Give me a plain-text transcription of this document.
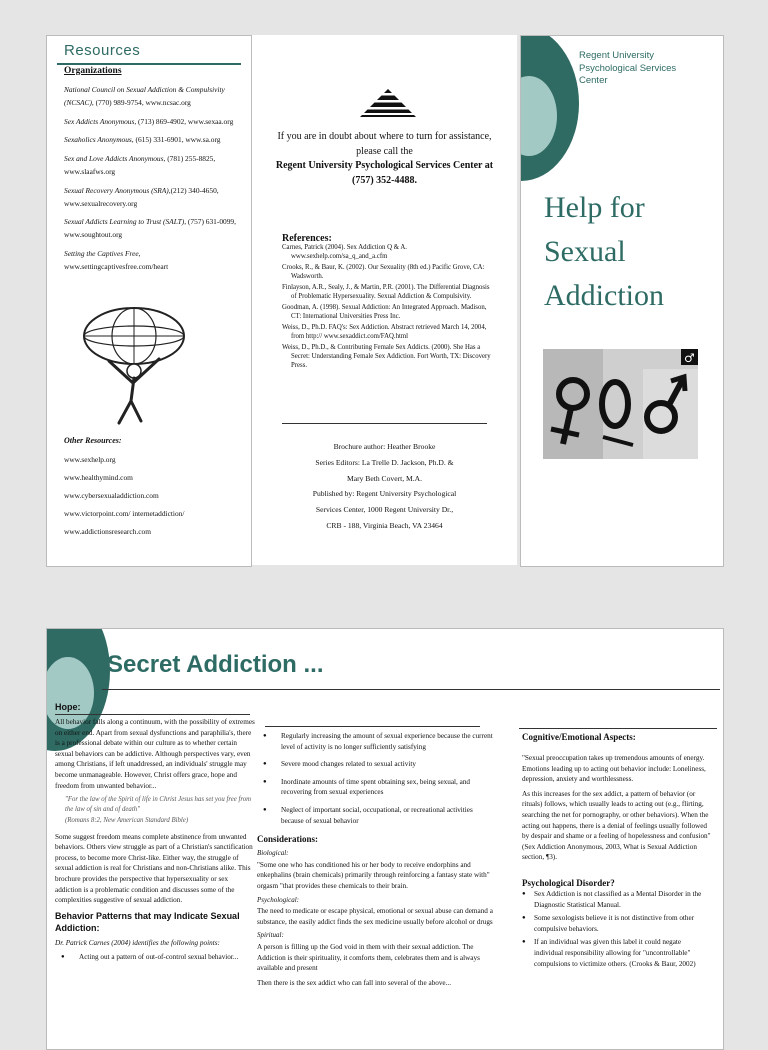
Resources
Organizations

National Council on Sexual Addiction & Compulsivity (NCSAC), (770) 989-9754, www.ncsac.org

Sex Addicts Anonymous, (713) 869-4902, www.sexaa.org

Sexaholics Anonymous, (615) 331-6901, www.sa.org

Sex and Love Addicts Anonymous, (781) 255-8825, www.slaafws.org

Sexual Recovery Anonymous (SRA),(212) 340-4650, www.sexualrecovery.org

Sexual Addicts Learning to Trust (SALT), (757) 631-0099, www.soughtout.org

Setting the Captives Free, www.settingcaptivesfree.com/heart

Other Resources:

www.sexhelp.org

www.healthymind.com

www.cybersexualaddiction.com

www.victorpoint.com/ internetaddiction/

www.addictionsresearch.com

If you are in doubt about where to turn for assistance, please call the
Regent University Psychological Services Center at
(757) 352-4488.
References:

Carnes, Patrick (2004). Sex Addiction Q & A. www.sexhelp.com/sa_q_and_a.cfm

Crooks, R., & Baur, K. (2002). Our Sexuality (8th ed.) Pacific Grove, CA: Wadsworth.

Finlayson, A.R., Sealy, J., & Martin, P.R. (2001). The Differential Diagnosis of Problematic Hypersexuality. Sexual Addiction & Compulsivity.

Goodman, A. (1998). Sexual Addiction: An Integrated Approach. Madison, CT: International Universities Press Inc.

Weiss, D., Ph.D. FAQ's: Sex Addiction. Abstract retrieved March 14, 2004, from http:// www.sexaddict.com/FAQ.html

Weiss, D., Ph.D., & Contributing Female Sex Addicts. (2000). She Has a Secret: Understanding Female Sex Addiction. Fort Worth, TX: Discovery Press.

Brochure author: Heather Brooke
Series Editors: La Trelle D. Jackson, Ph.D. &
Mary Beth Covert, M.A.
Published by: Regent University Psychological
Services Center, 1000 Regent University Dr.,
CRB - 188, Virginia Beach, VA 23464
Regent University
Psychological Services
Center
Help for
Sexual
Addiction
♂
Secret Addiction ...
Hope:

All behavior falls along a continuum, with the possibility of extremes on either end. Apart from sexual dysfunctions and paraphilia's, there is a professional debate within our culture as to whether certain sexual behaviors can be addictive. Although perspectives vary, even among Christians, if left unaddressed, an individuals' struggle may become unmanageable. However, Christ offers grace, hope and freedom from unwanted behavior...

"For the law of the Spirit of life in Christ Jesus has set you free from the law of sin and of death"
(Romans 8:2, New American Standard Bible)

Some suggest freedom means complete abstinence from unwanted behaviors. Others view struggle as part of a Christian's sanctification process, to become more Christ-like. Either way, the struggle of sexual addiction is real for Christians and non-Christians alike. This brochure provides the perspective that hypersexuality or sex addiction is a problematic condition and discusses some of the complexities suggestive of sexual addiction.

Behavior Patterns that may Indicate Sexual Addiction:

Dr. Patrick Carnes (2004) identifies the following points:

● Acting out a pattern of out-of-control sexual behavior...
● Regularly increasing the amount of sexual experience because the current level of activity is no longer sufficiently satisfying
● Severe mood changes related to sexual activity
● Inordinate amounts of time spent obtaining sex, being sexual, and recovering from sexual experiences
● Neglect of important social, occupational, or recreational activities because of sexual behavior
Considerations:
Biological:

"Some one who has conditioned his or her body to receive endorphins and enkephalins (brain chemicals) primarily through reinforcing a fantasy state with" orgasm "that provides these chemicals to their brain.

Psychological:

The need to medicate or escape physical, emotional or sexual abuse can demand a substance, the easily addict finds the sex medicine usually before alcohol or drugs

Spiritual:

A person is filling up the God void in them with their sexual addiction. The Addiction is their spirituality, it comforts them, celebrates them and is always available and present

Then there is the sex addict who can fall into several of the above...

Cognitive/Emotional Aspects:

"Sexual preoccupation takes up tremendous amounts of energy. Emotions leading up to acting out behavior include: Loneliness, depression, anxiety and worthlessness.

As this increases for the sex addict, a pattern of behavior (or rituals) follows, which usually leads to acting out (e.g., flirting, searching the net for pornography, or other behaviors). When the acting out happens, there is a denial of feelings usually followed by despair and shame or a feeling of hopelessness and confusion" (Sex Addiction Anonymous, 2003, What is Sexual Addiction section, ¶3).

Psychological Disorder?
● Sex Addiction is not classified as a Mental Disorder in the Diagnostic Statistical Manual.
● Some sexologists believe it is not distinctive from other compulsive behaviors.
● If an individual was given this label it could negate individual responsibility allowing for "uncontrollable" compulsions to victimize others. (Crooks & Baur, 2002)
